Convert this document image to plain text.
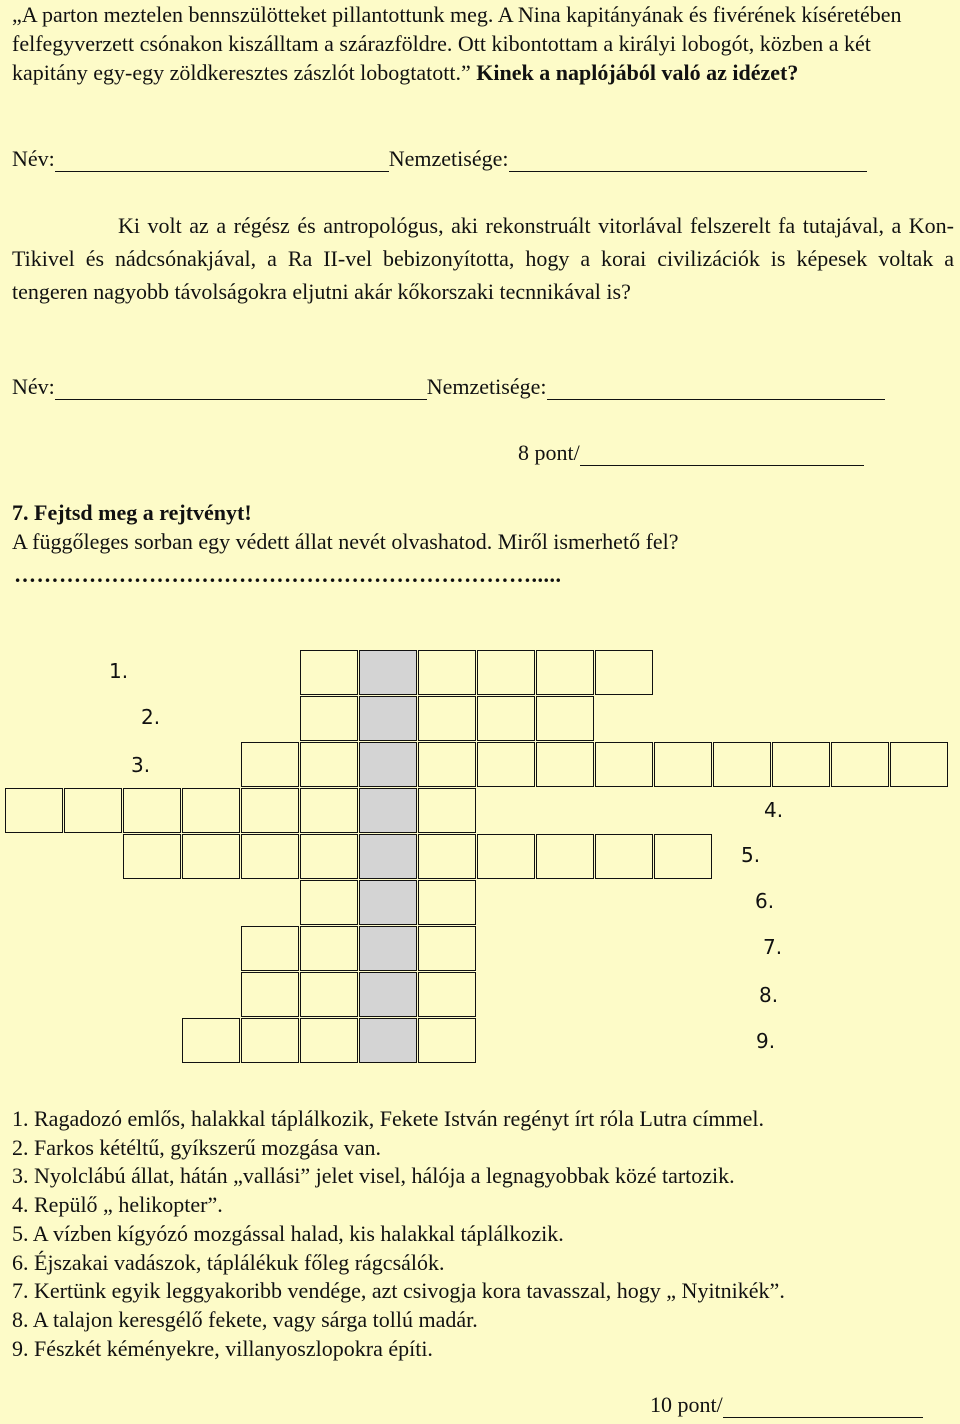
„A parton meztelen bennszülötteket pillantottunk meg. A Nina kapitányának és fivérének kíséretében felfegyverzett csónakon kiszálltam a szárazföldre. Ott kibontottam a királyi lobogót, közben a két kapitány egy-egy zöldkeresztes zászlót lobogtatott.” Kinek a naplójából való az idézet?
Név:	Nemzetisége:
Ki volt az a régész és antropológus, aki rekonstruált vitorlával felszerelt fa tutajával, a Kon-Tikivel és nádcsónakjával, a Ra II-vel bebizonyította, hogy a korai civilizációk is képesek voltak a tengeren nagyobb távolságokra eljutni akár kőkorszaki tecnnikával is?
Név:	Nemzetisége:
8 pont/
7. Fejtsd meg a rejtvényt!
A függőleges sorban egy védett állat nevét olvashatod. Miről ismerhető fel?
…………………………………………………………….....
1.
2.
3.
4.
5.
6.
7.
8.
9.
1. Ragadozó emlős, halakkal táplálkozik, Fekete István regényt írt róla Lutra címmel.
2. Farkos kétéltű, gyíkszerű mozgása van.
3. Nyolclábú állat, hátán „vallási” jelet visel, hálója a legnagyobbak közé tartozik.
4. Repülő „ helikopter”.
5. A vízben kígyózó mozgással halad, kis halakkal táplálkozik.
6. Éjszakai vadászok, táplálékuk főleg rágcsálók.
7. Kertünk egyik leggyakoribb vendége, azt csivogja kora tavasszal, hogy „ Nyitnikék”.
8. A talajon keresgélő fekete, vagy sárga tollú madár.
9. Fészkét kéményekre, villanyoszlopokra építi.
10 pont/
